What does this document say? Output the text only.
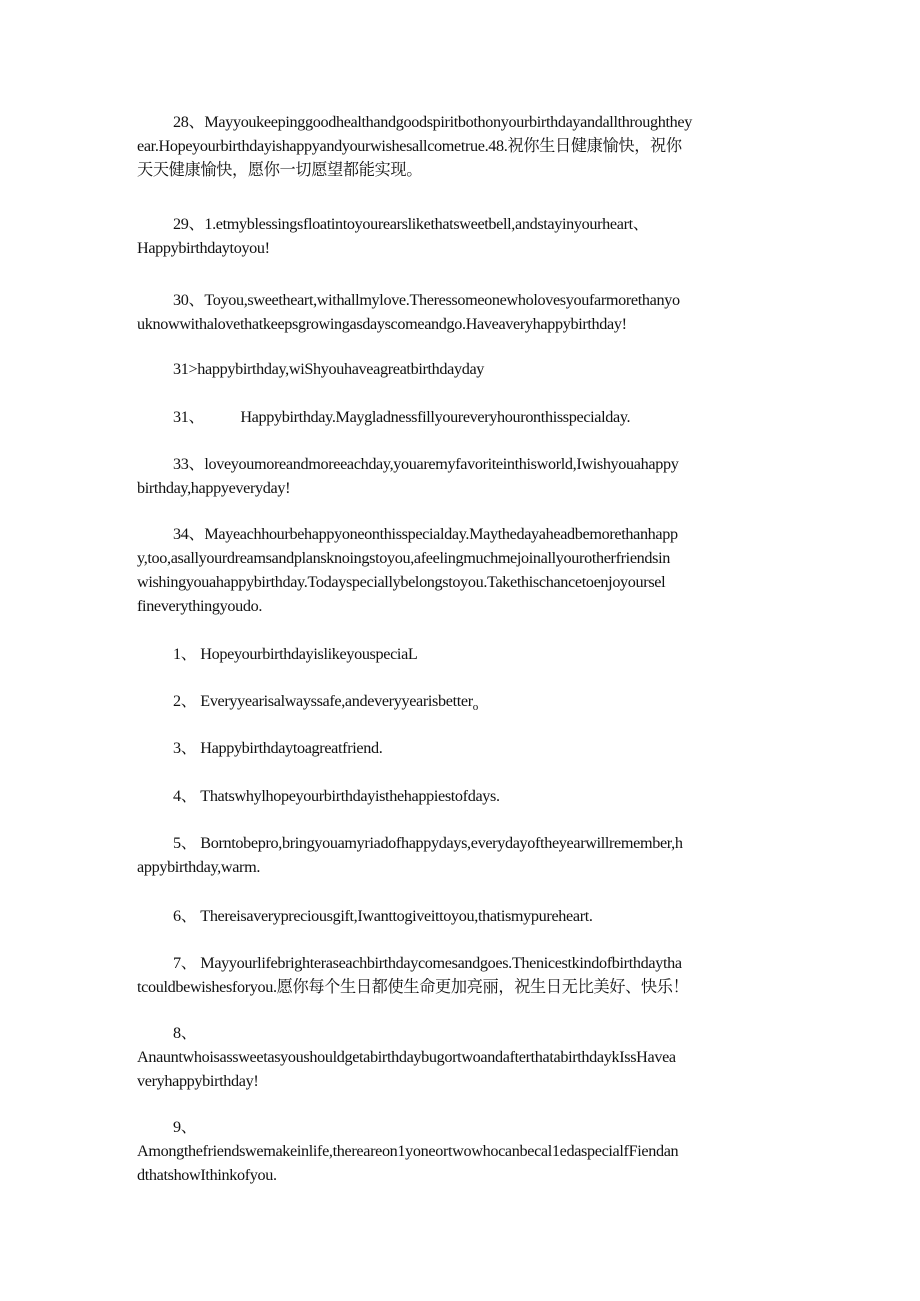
28、Mayyoukeepinggoodhealthandgoodspiritbothonyourbirthdayandallthroughthey
ear.Hopeyourbirthdayishappyandyourwishesallcometrue.48.祝你生日健康愉快，祝你
天天健康愉快，愿你一切愿望都能实现。
29、1.etmyblessingsfloatintoyourearslikethatsweetbell,andstayinyourheart、
Happybirthdaytoyou!
30、Toyou,sweetheart,withallmylove.Theressomeonewholovesyoufarmorethanyo
uknowwithalovethatkeepsgrowingasdayscomeandgo.Haveaveryhappybirthday!
31>happybirthday,wiShyouhaveagreatbirthdayday
31、 Happybirthday.Maygladnessfillyoureveryhouronthisspecialday.
33、loveyoumoreandmoreeachday,youaremyfavoriteinthisworld,Iwishyouahappy
birthday,happyeveryday!
34、Mayeachhourbehappyoneonthisspecialday.Maythedayaheadbemorethanhapp
y,too,asallyourdreamsandplansknoingstoyou,afeelingmuchmejoinallyourotherfriendsin
wishingyouahappybirthday.Todayspeciallybelongstoyou.Takethischancetoenjoyoursel
fineverythingyoudo.
1、 HopeyourbirthdayislikeyouspeciaL
2、 Everyyearisalwayssafe,andeveryyearisbetter$_o$
3、 Happybirthdaytoagreatfriend.
4、 Thatswhylhopeyourbirthdayisthehappiestofdays.
5、 Borntobepro,bringyouamyriadofhappydays,everydayoftheyearwillremember,h
appybirthday,warm.
6、 Thereisaverypreciousgift,Iwanttogiveittoyou,thatismypureheart.
7、 Mayyourlifebrighteraseachbirthdaycomesandgoes.Thenicestkindofbirthdaytha
tcouldbewishesforyou.愿你每个生日都使生命更加亮丽，祝生日无比美好、快乐！
8、
AnauntwhoisassweetasyoushouldgetabirthdaybugortwoandafterthatabirthdaykIssHavea
veryhappybirthday!
9、
Amongthefriendswemakeinlife,thereareon1yoneortwowhocanbecal1edaspecialfFiendan
dthatshowIthinkofyou.
